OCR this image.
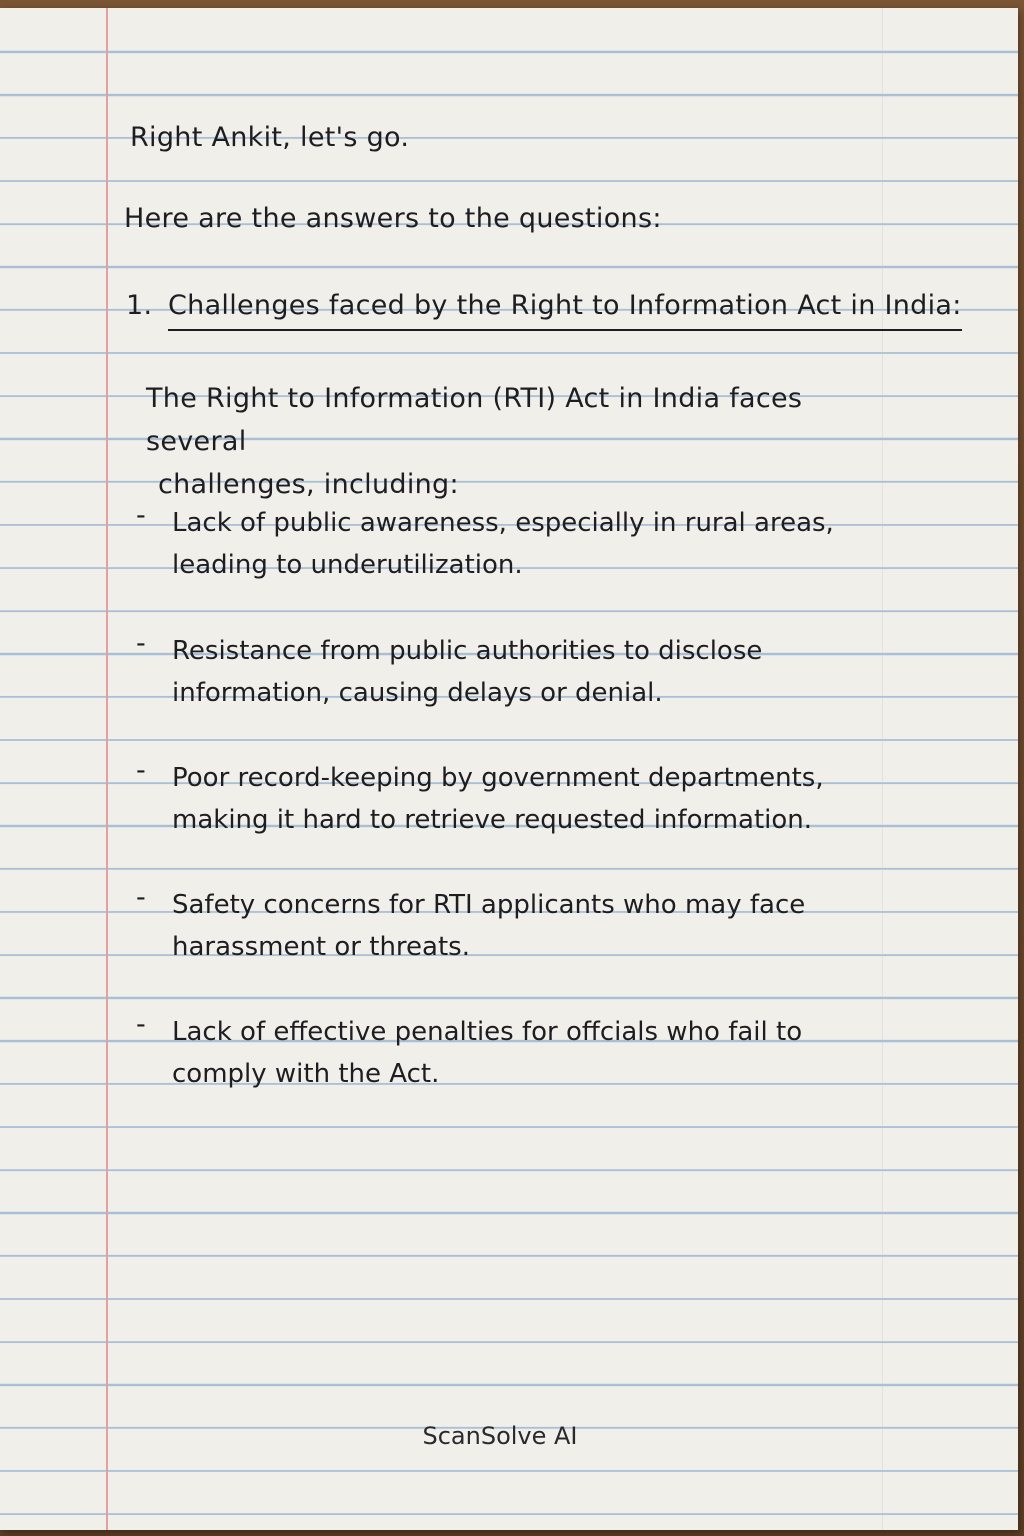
Right Ankit, let's go.
Here are the answers to the questions:
1. Challenges faced by the Right to Information Act in India:
The Right to Information (RTI) Act in India faces several
challenges, including:
- Lack of public awareness, especially in rural areas, leading to underutilization.
- Resistance from public authorities to disclose information, causing delays or denial.
- Poor record-keeping by government departments, making it hard to retrieve requested information.
- Safety concerns for RTI applicants who may face harassment or threats.
- Lack of effective penalties for offcials who fail to comply with the Act.
ScanSolve AI
